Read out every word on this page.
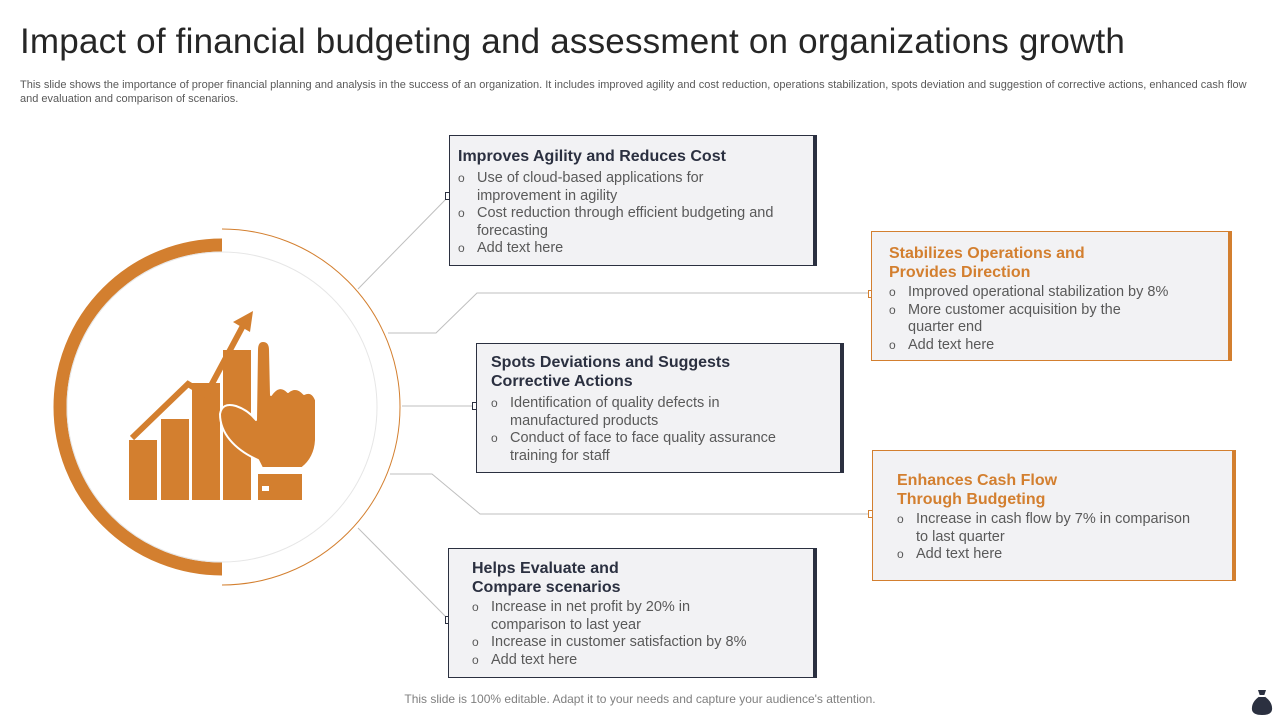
Impact of financial budgeting and assessment on organizations growth

This slide shows the importance of proper financial planning and analysis in the success of an organization. It includes improved agility and cost reduction, operations stabilization, spots deviation and suggestion of corrective actions, enhanced cash flow and evaluation and comparison of scenarios.

Improves Agility and Reduces Cost
o Use of cloud-based applications for
improvement in agility
o Cost reduction through efficient budgeting and
forecasting
o Add text here	Stabilizes Operations and
Provides Direction
o Improved operational stabilization by 8%
o More customer acquisition by the
quarter end
o Add text here
Spots Deviations and Suggests
Corrective Actions
o Identification of quality defects in
manufactured products
o Conduct of face to face quality assurance
training for staff
Enhances Cash Flow
Through Budgeting
o Increase in cash flow by 7% in comparison
to last quarter
o Add text here
Helps Evaluate and
Compare scenarios
o Increase in net profit by 20% in
comparison to last year
o Increase in customer satisfaction by 8%
o Add text here
This slide is 100% editable. Adapt it to your needs and capture your audience's attention.
